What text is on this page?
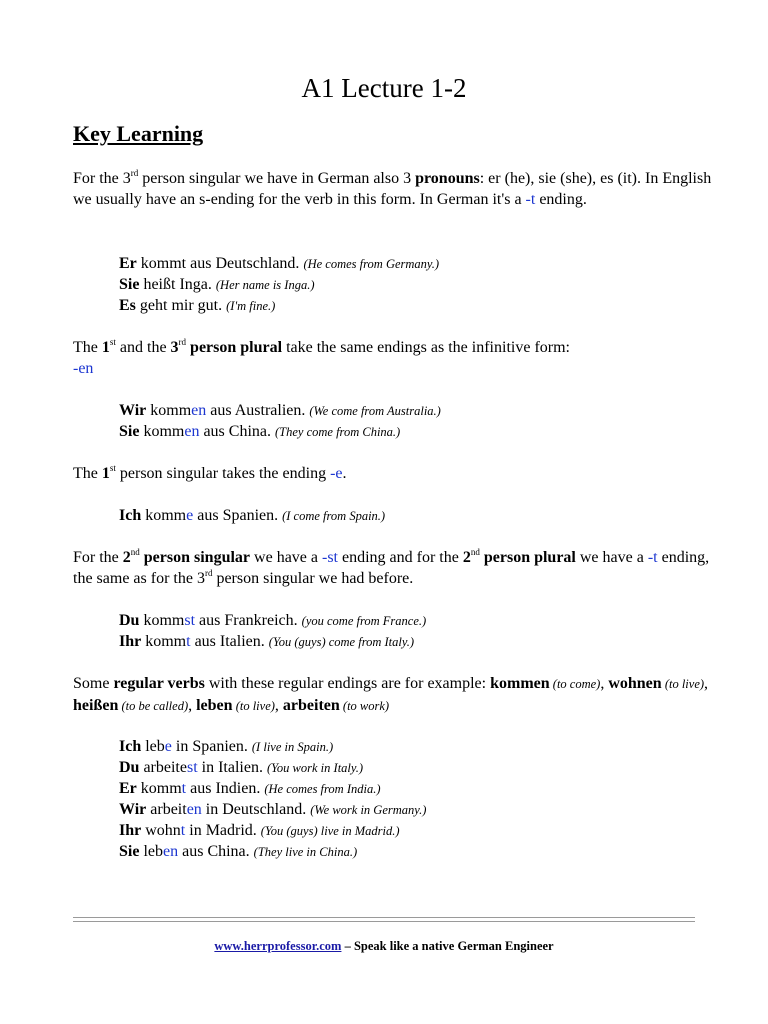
A1 Lecture 1-2
Key Learning
For the 3rd person singular we have in German also 3 pronouns: er (he), sie (she), es (it). In English we usually have an s-ending for the verb in this form. In German it's a -t ending.
Er kommt aus Deutschland. (He comes from Germany.)
Sie heißt Inga. (Her name is Inga.)
Es geht mir gut. (I'm fine.)
The 1st and the 3rd person plural take the same endings as the infinitive form:
-en
Wir kommen aus Australien. (We come from Australia.)
Sie kommen aus China. (They come from China.)
The 1st person singular takes the ending -e.
Ich komme aus Spanien. (I come from Spain.)
For the 2nd person singular we have a -st ending and for the 2nd person plural we have a -t ending, the same as for the 3rd person singular we had before.
Du kommst aus Frankreich. (you come from France.)
Ihr kommt aus Italien. (You (guys) come from Italy.)
Some regular verbs with these regular endings are for example: kommen (to come), wohnen (to live), heißen (to be called), leben (to live), arbeiten (to work)
Ich lebe in Spanien. (I live in Spain.)
Du arbeitest in Italien. (You work in Italy.)
Er kommt aus Indien. (He comes from India.)
Wir arbeiten in Deutschland. (We work in Germany.)
Ihr wohnt in Madrid. (You (guys) live in Madrid.)
Sie leben aus China. (They live in China.)
www.herrprofessor.com – Speak like a native German Engineer
